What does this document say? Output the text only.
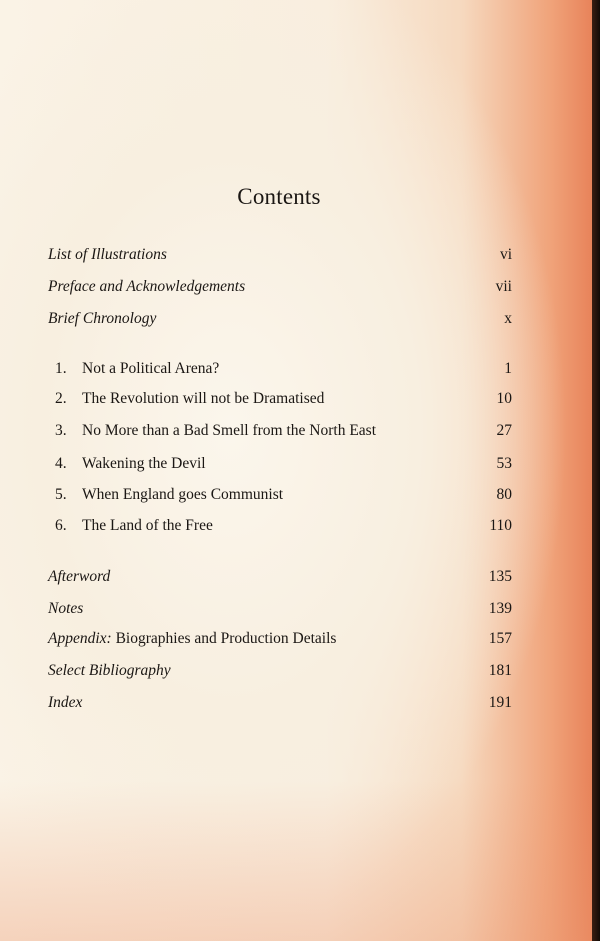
Contents
List of Illustrations	vi
Preface and Acknowledgements	vii
Brief Chronology	x
1. Not a Political Arena?	1
2. The Revolution will not be Dramatised	10
3. No More than a Bad Smell from the North East	27
4. Wakening the Devil	53
5. When England goes Communist	80
6. The Land of the Free	110
Afterword	135
Notes	139
Appendix: Biographies and Production Details	157
Select Bibliography	181
Index	191
